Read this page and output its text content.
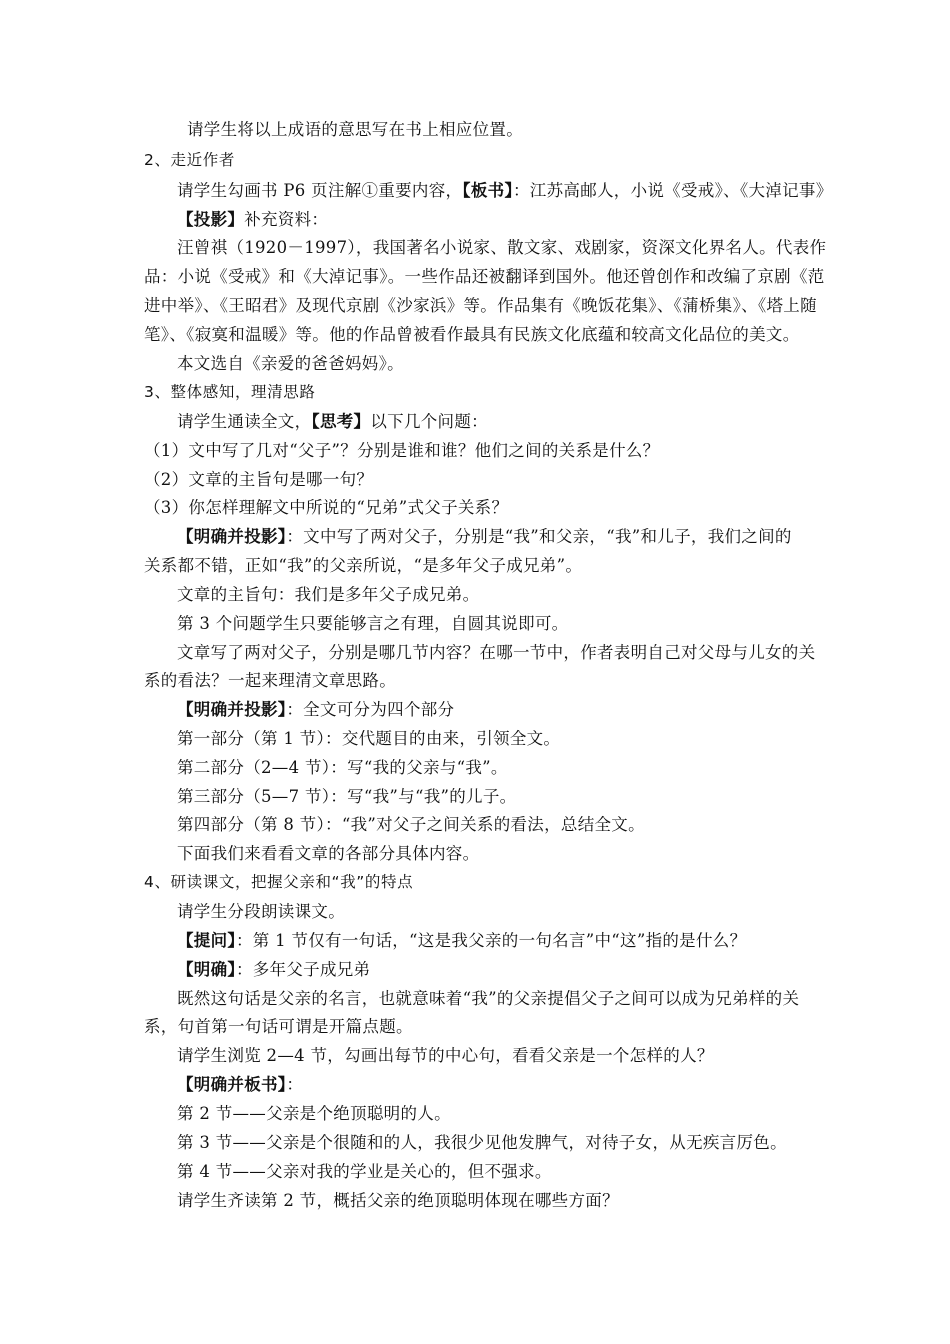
请学生将以上成语的意思写在书上相应位置。
2、走近作者
请学生勾画书 P6 页注解①重要内容，【板书】：江苏高邮人，小说《受戒》、《大淖记事》
【投影】补充资料：
汪曾祺（1920－1997），我国著名小说家、散文家、戏剧家，资深文化界名人。代表作
品：小说《受戒》和《大淖记事》。一些作品还被翻译到国外。他还曾创作和改编了京剧《范
进中举》、《王昭君》及现代京剧《沙家浜》等。作品集有《晚饭花集》、《蒲桥集》、《塔上随
笔》、《寂寞和温暖》等。他的作品曾被看作最具有民族文化底蕴和较高文化品位的美文。
本文选自《亲爱的爸爸妈妈》。
3、整体感知，理清思路
请学生通读全文，【思考】以下几个问题：
（1）文中写了几对“父子”？分别是谁和谁？他们之间的关系是什么？
（2）文章的主旨句是哪一句？
（3）你怎样理解文中所说的“兄弟”式父子关系？
【明确并投影】：文中写了两对父子，分别是“我”和父亲，“我”和儿子，我们之间的
关系都不错，正如“我”的父亲所说，“是多年父子成兄弟”。
文章的主旨句：我们是多年父子成兄弟。
第 3 个问题学生只要能够言之有理，自圆其说即可。
文章写了两对父子，分别是哪几节内容？在哪一节中，作者表明自己对父母与儿女的关
系的看法？一起来理清文章思路。
【明确并投影】：全文可分为四个部分
第一部分（第 1 节）：交代题目的由来，引领全文。
第二部分（2—4 节）：写“我的父亲与“我”。
第三部分（5—7 节）：写“我”与“我”的儿子。
第四部分（第 8 节）：“我”对父子之间关系的看法，总结全文。
下面我们来看看文章的各部分具体内容。
4、研读课文，把握父亲和“我”的特点
请学生分段朗读课文。
【提问】：第 1 节仅有一句话，“这是我父亲的一句名言”中“这”指的是什么？
【明确】：多年父子成兄弟
既然这句话是父亲的名言，也就意味着“我”的父亲提倡父子之间可以成为兄弟样的关
系，句首第一句话可谓是开篇点题。
请学生浏览 2—4 节，勾画出每节的中心句，看看父亲是一个怎样的人？
【明确并板书】：
第 2 节——父亲是个绝顶聪明的人。
第 3 节——父亲是个很随和的人，我很少见他发脾气，对待子女，从无疾言厉色。
第 4 节——父亲对我的学业是关心的，但不强求。
请学生齐读第 2 节，概括父亲的绝顶聪明体现在哪些方面？
